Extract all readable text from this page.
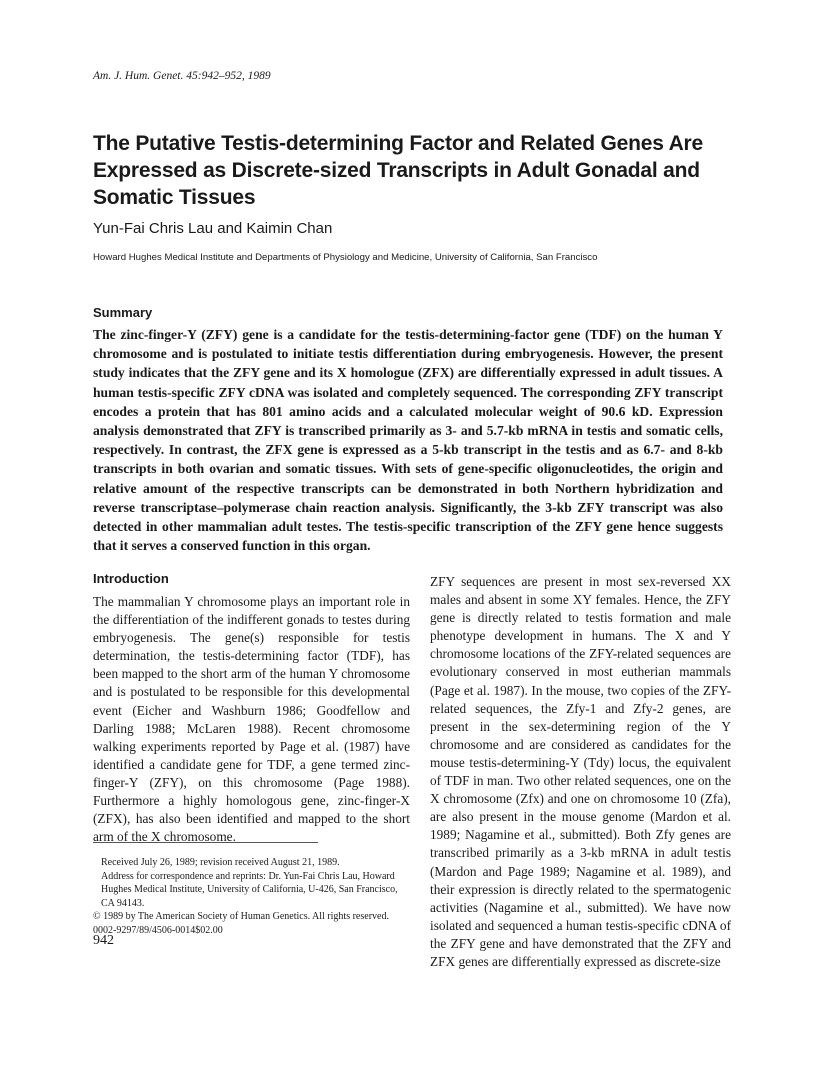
Am. J. Hum. Genet. 45:942–952, 1989
The Putative Testis-determining Factor and Related Genes Are Expressed as Discrete-sized Transcripts in Adult Gonadal and Somatic Tissues
Yun-Fai Chris Lau and Kaimin Chan
Howard Hughes Medical Institute and Departments of Physiology and Medicine, University of California, San Francisco
Summary

The zinc-finger-Y (ZFY) gene is a candidate for the testis-determining-factor gene (TDF) on the human Y chromosome and is postulated to initiate testis differentiation during embryogenesis. However, the present study indicates that the ZFY gene and its X homologue (ZFX) are differentially expressed in adult tissues. A human testis-specific ZFY cDNA was isolated and completely sequenced. The corresponding ZFY transcript encodes a protein that has 801 amino acids and a calculated molecular weight of 90.6 kD. Expression analysis demonstrated that ZFY is transcribed primarily as 3- and 5.7-kb mRNA in testis and somatic cells, respectively. In contrast, the ZFX gene is expressed as a 5-kb transcript in the testis and as 6.7- and 8-kb transcripts in both ovarian and somatic tissues. With sets of gene-specific oligonucleotides, the origin and relative amount of the respective transcripts can be demonstrated in both Northern hybridization and reverse transcriptase–polymerase chain reaction analysis. Significantly, the 3-kb ZFY transcript was also detected in other mammalian adult testes. The testis-specific transcription of the ZFY gene hence suggests that it serves a conserved function in this organ.

Introduction

The mammalian Y chromosome plays an important role in the differentiation of the indifferent gonads to testes during embryogenesis. The gene(s) responsible for testis determination, the testis-determining factor (TDF), has been mapped to the short arm of the human Y chromosome and is postulated to be responsible for this developmental event (Eicher and Washburn 1986; Goodfellow and Darling 1988; McLaren 1988). Recent chromosome walking experiments reported by Page et al. (1987) have identified a candidate gene for TDF, a gene termed zinc-finger-Y (ZFY), on this chromosome (Page 1988). Furthermore a highly homologous gene, zinc-finger-X (ZFX), has also been identified and mapped to the short arm of the X chromosome.

ZFY sequences are present in most sex-reversed XX males and absent in some XY females. Hence, the ZFY gene is directly related to testis formation and male phenotype development in humans. The X and Y chromosome locations of the ZFY-related sequences are evolutionary conserved in most eutherian mammals (Page et al. 1987). In the mouse, two copies of the ZFY-related sequences, the Zfy-1 and Zfy-2 genes, are present in the sex-determining region of the Y chromosome and are considered as candidates for the mouse testis-determining-Y (Tdy) locus, the equivalent of TDF in man. Two other related sequences, one on the X chromosome (Zfx) and one on chromosome 10 (Zfa), are also present in the mouse genome (Mardon et al. 1989; Nagamine et al., submitted). Both Zfy genes are transcribed primarily as a 3-kb mRNA in adult testis (Mardon and Page 1989; Nagamine et al. 1989), and their expression is directly related to the spermatogenic activities (Nagamine et al., submitted). We have now isolated and sequenced a human testis-specific cDNA of the ZFY gene and have demonstrated that the ZFY and ZFX genes are differentially expressed as discrete-size

Received July 26, 1989; revision received August 21, 1989.

Address for correspondence and reprints: Dr. Yun-Fai Chris Lau, Howard Hughes Medical Institute, University of California, U-426, San Francisco, CA 94143.

© 1989 by The American Society of Human Genetics. All rights reserved.

0002-9297/89/4506-0014$02.00

942
